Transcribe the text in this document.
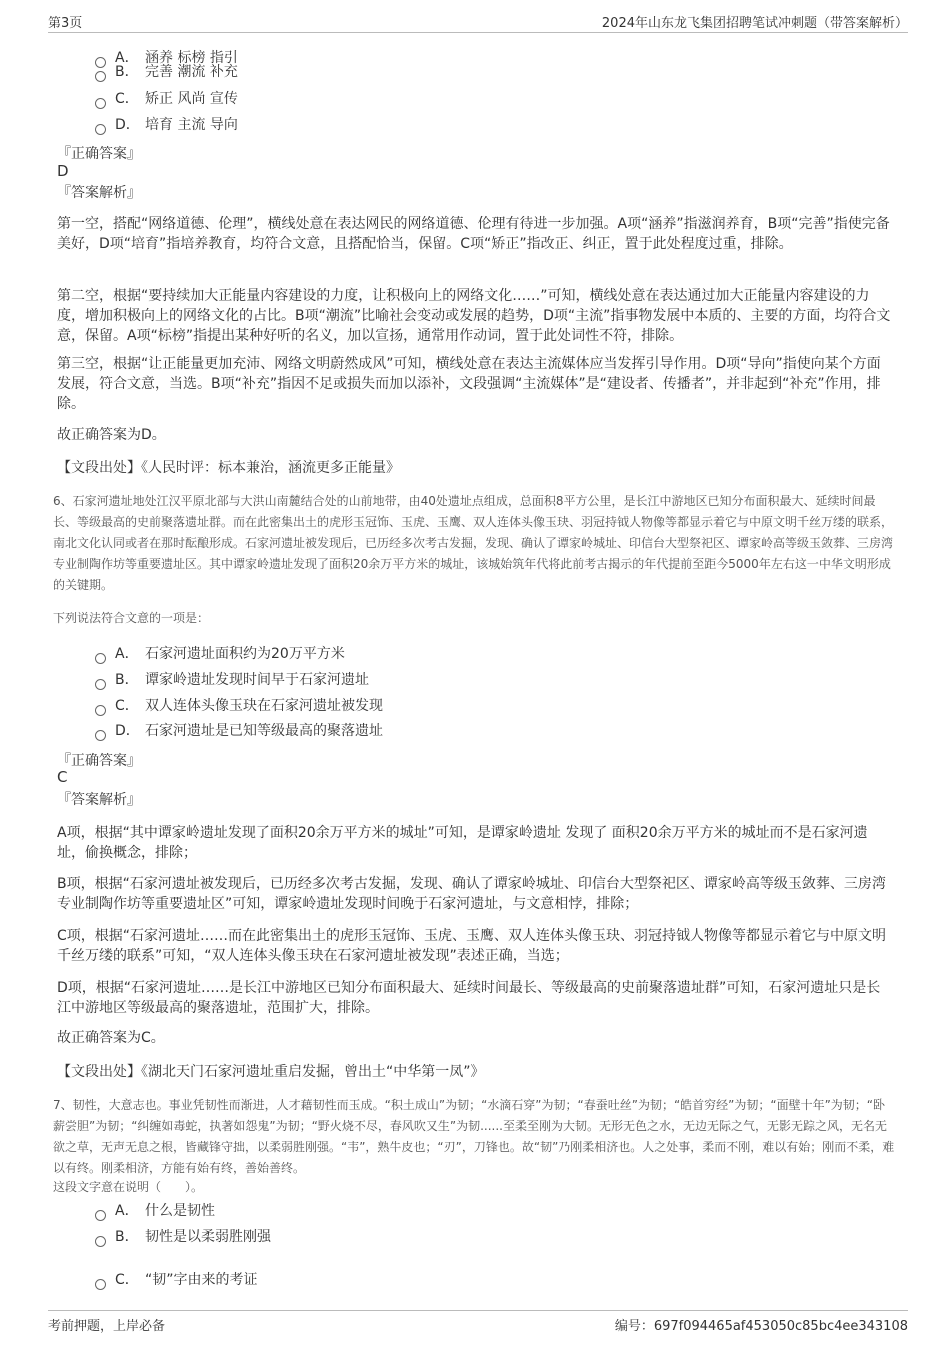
第3页	2024年山东龙飞集团招聘笔试冲刺题（带答案解析）
A． 涵养 标榜 指引
B． 完善 潮流 补充
C． 矫正 风尚 宣传
D． 培育 主流 导向
『正确答案』
D
『答案解析』
第一空，搭配“网络道德、伦理”，横线处意在表达网民的网络道德、伦理有待进一步加强。A项“涵养”指滋润养育，B项“完善”指使完备美好，D项“培育”指培养教育，均符合文意，且搭配恰当，保留。C项“矫正”指改正、纠正，置于此处程度过重，排除。
第二空，根据“要持续加大正能量内容建设的力度，让积极向上的网络文化……”可知，横线处意在表达通过加大正能量内容建设的力度，增加积极向上的网络文化的占比。B项“潮流”比喻社会变动或发展的趋势，D项“主流”指事物发展中本质的、主要的方面，均符合文意，保留。A项“标榜”指提出某种好听的名义，加以宣扬，通常用作动词，置于此处词性不符，排除。
第三空，根据“让正能量更加充沛、网络文明蔚然成风”可知，横线处意在表达主流媒体应当发挥引导作用。D项“导向”指使向某个方面发展，符合文意，当选。B项“补充”指因不足或损失而加以添补，文段强调“主流媒体”是“建设者、传播者”，并非起到“补充”作用，排除。
故正确答案为D。
【文段出处】《人民时评：标本兼治，涵流更多正能量》
6、石家河遗址地处江汉平原北部与大洪山南麓结合处的山前地带，由40处遗址点组成，总面积8平方公里，是长江中游地区已知分布面积最大、延续时间最长、等级最高的史前聚落遗址群。而在此密集出土的虎形玉冠饰、玉虎、玉鹰、双人连体头像玉玦、羽冠持钺人物像等都显示着它与中原文明千丝万缕的联系，南北文化认同或者在那时酝酿形成。石家河遗址被发现后，已历经多次考古发掘，发现、确认了谭家岭城址、印信台大型祭祀区、谭家岭高等级玉敛葬、三房湾专业制陶作坊等重要遗址区。其中谭家岭遗址发现了面积20余万平方米的城址，该城始筑年代将此前考古揭示的年代提前至距今5000年左右这一中华文明形成的关键期。
下列说法符合文意的一项是：
A． 石家河遗址面积约为20万平方米
B． 谭家岭遗址发现时间早于石家河遗址
C． 双人连体头像玉玦在石家河遗址被发现
D． 石家河遗址是已知等级最高的聚落遗址
『正确答案』
C
『答案解析』
A项，根据“其中谭家岭遗址发现了面积20余万平方米的城址”可知，是谭家岭遗址 发现了 面积20余万平方米的城址而不是石家河遗址，偷换概念，排除；
B项，根据“石家河遗址被发现后，已历经多次考古发掘，发现、确认了谭家岭城址、印信台大型祭祀区、谭家岭高等级玉敛葬、三房湾专业制陶作坊等重要遗址区”可知，谭家岭遗址发现时间晚于石家河遗址，与文意相悖，排除；
C项，根据“石家河遗址……而在此密集出土的虎形玉冠饰、玉虎、玉鹰、双人连体头像玉玦、羽冠持钺人物像等都显示着它与中原文明千丝万缕的联系”可知，“双人连体头像玉玦在石家河遗址被发现”表述正确，当选；
D项，根据“石家河遗址……是长江中游地区已知分布面积最大、延续时间最长、等级最高的史前聚落遗址群”可知，石家河遗址只是长江中游地区等级最高的聚落遗址，范围扩大，排除。
故正确答案为C。
【文段出处】《湖北天门石家河遗址重启发掘，曾出土“中华第一凤”》
7、韧性，大意志也。事业凭韧性而渐进，人才藉韧性而玉成。“积土成山”为韧；“水滴石穿”为韧；“春蚕吐丝”为韧；“皓首穷经”为韧；“面壁十年”为韧；“卧薪尝胆”为韧；“纠缠如毒蛇，执著如怨鬼”为韧；“野火烧不尽，春风吹又生”为韧......至柔至刚为大韧。无形无色之水，无边无际之气，无影无踪之风，无名无欲之草，无声无息之根，皆藏锋守拙，以柔弱胜刚强。“韦”，熟牛皮也；“刃”，刀锋也。故“韧”乃刚柔相济也。人之处事，柔而不刚，难以有始；刚而不柔，难以有终。刚柔相济，方能有始有终，善始善终。
这段文字意在说明（　　）。
A． 什么是韧性
B． 韧性是以柔弱胜刚强
C． “韧”字由来的考证
考前押题，上岸必备	编号：697f094465af453050c85bc4ee343108
